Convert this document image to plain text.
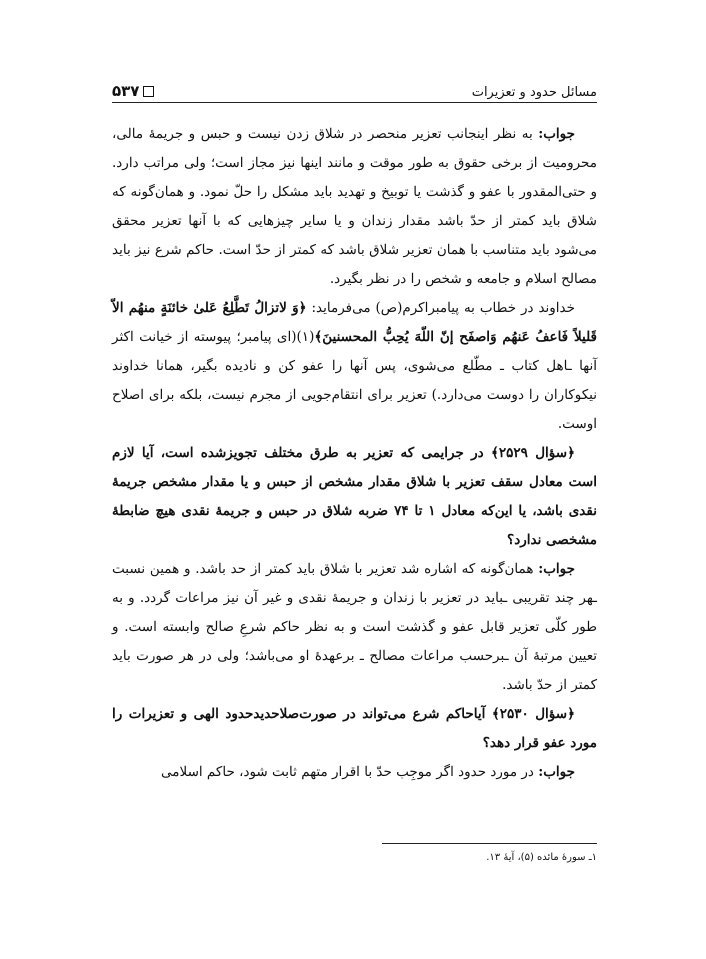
مسائل حدود و تعزيرات
۵۳۷

جواب: به نظر اينجانب تعزير منحصر در شلاق زدن نيست و حبس و جريمهٔ مالى، محروميت از برخى حقوق به طور موقت و مانند اينها نيز مجاز است؛ ولى مراتب دارد. و حتى‌المقدور با عفو و گذشت يا توبيخ و تهديد بايد مشكل را حلّ نمود. و همان‌گونه كه شلاق بايد كمتر از حدّ باشد مقدار زندان و يا ساير چيزهايى كه با آنها تعزير محقق مى‌شود بايد متناسب با همان تعزير شلاق باشد كه كمتر از حدّ است. حاكم شرع نيز بايد مصالح اسلام و جامعه و شخص را در نظر بگيرد.

خداوند در خطاب به پيامبراكرم(ص) مى‌فرمايد: ﴿وَ لاتزالُ تَطَّلِعُ عَلىٰ خائنَةٍ منهُم الاّ قَليلاً فَاعفُ عَنهُم وَاصفَح إنّ اللّهَ يُحِبُّ المحسنينَ﴾(۱)(اى پيامبر؛ پيوسته از خيانت اكثر آنها ـاهل كتاب ـ مطّلع مى‌شوى، پس آنها را عفو كن و ناديده بگير، همانا خداوند نيكوكاران را دوست مى‌دارد.) تعزير براى انتقام‌جويى از مجرم نيست، بلكه براى اصلاح اوست.

﴿سؤال ۲۵۲۹﴾ در جرايمى كه تعزير به طرق مختلف تجويزشده است، آيا لازم است معادل سقف تعزير با شلاق مقدار مشخص از حبس و يا مقدار مشخص جريمهٔ نقدى باشد، يا اين‌كه معادل ۱ تا ۷۴ ضربه شلاق در حبس و جريمهٔ نقدى هيچ ضابطهٔ مشخصى ندارد؟

جواب: همان‌گونه كه اشاره شد تعزير با شلاق بايد كمتر از حد باشد. و همين نسبت ـهر چند تقريبى ـبايد در تعزير با زندان و جريمهٔ نقدى و غير آن نيز مراعات گردد. و به طور كلّى تعزير قابل عفو و گذشت است و به نظر حاكم شرعِ صالح وابسته است. و تعيين مرتبهٔ آن ـبرحسب مراعات مصالح ـ برعهدهٔ او مى‌باشد؛ ولى در هر صورت بايد كمتر از حدّ باشد.

﴿سؤال ۲۵۳۰﴾ آياحاكم شرع مى‌تواند در صورت‌صلاحديدحدود الهى و تعزيرات را مورد عفو قرار دهد؟

جواب: در مورد حدود اگر موجِب حدّ با اقرار متهم ثابت شود، حاكم اسلامى

۱ـ سورهٔ مائده (۵)، آيهٔ ۱۳.
